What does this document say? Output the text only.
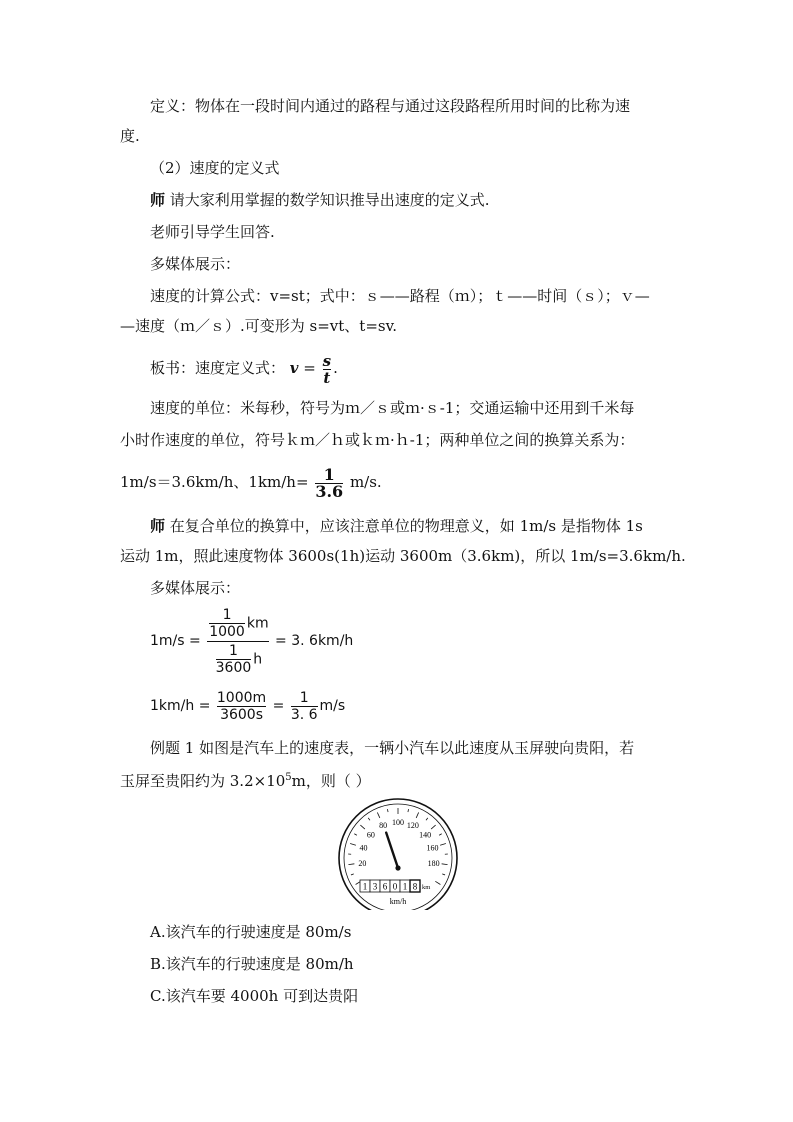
定义：物体在一段时间内通过的路程与通过这段路程所用时间的比称为速
度.
（2）速度的定义式
师 请大家利用掌握的数学知识推导出速度的定义式.
老师引导学生回答.
多媒体展示：
速度的计算公式：v=st；式中：ｓ——路程（ｍ）；ｔ——时间（ｓ）；ｖ—
—速度（ｍ／ｓ）.可变形为 s=vt、t=sv.
板书：速度定义式： $v = \frac{s}{t}$ .
速度的单位：米每秒，符号为ｍ／ｓ或ｍ·ｓ-1；交通运输中还用到千米每
小时作速度的单位，符号ｋｍ／ｈ或ｋｍ·ｈ-1；两种单位之间的换算关系为：
1m/s＝3.6km/h、$1km/h= \frac{1}{3.6} m/s$.
师 在复合单位的换算中，应该注意单位的物理意义，如 1m/s 是指物体 1s
运动 1m，照此速度物体 3600s(1h)运动 3600m（3.6km)，所以 1m/s=3.6km/h.
多媒体展示：
$1m/s = \frac{\frac{1}{1000} km}{\frac{1}{3600} h} = 3$. 6km/h
$1km/h = \frac{1000m}{3600s} = \frac{1}{3. 6} m/s$
例题 1 如图是汽车上的速度表，一辆小汽车以此速度从玉屏驶向贵阳，若
玉屏至贵阳约为 $3.2\times 10^5m$，则（ ）
20
40
60
80 100 120
140
160
180
1 3 6 0 1 8 km
km/h
A.该汽车的行驶速度是 80m/s
B.该汽车的行驶速度是 80m/h
C.该汽车要 4000h 可到达贵阳
